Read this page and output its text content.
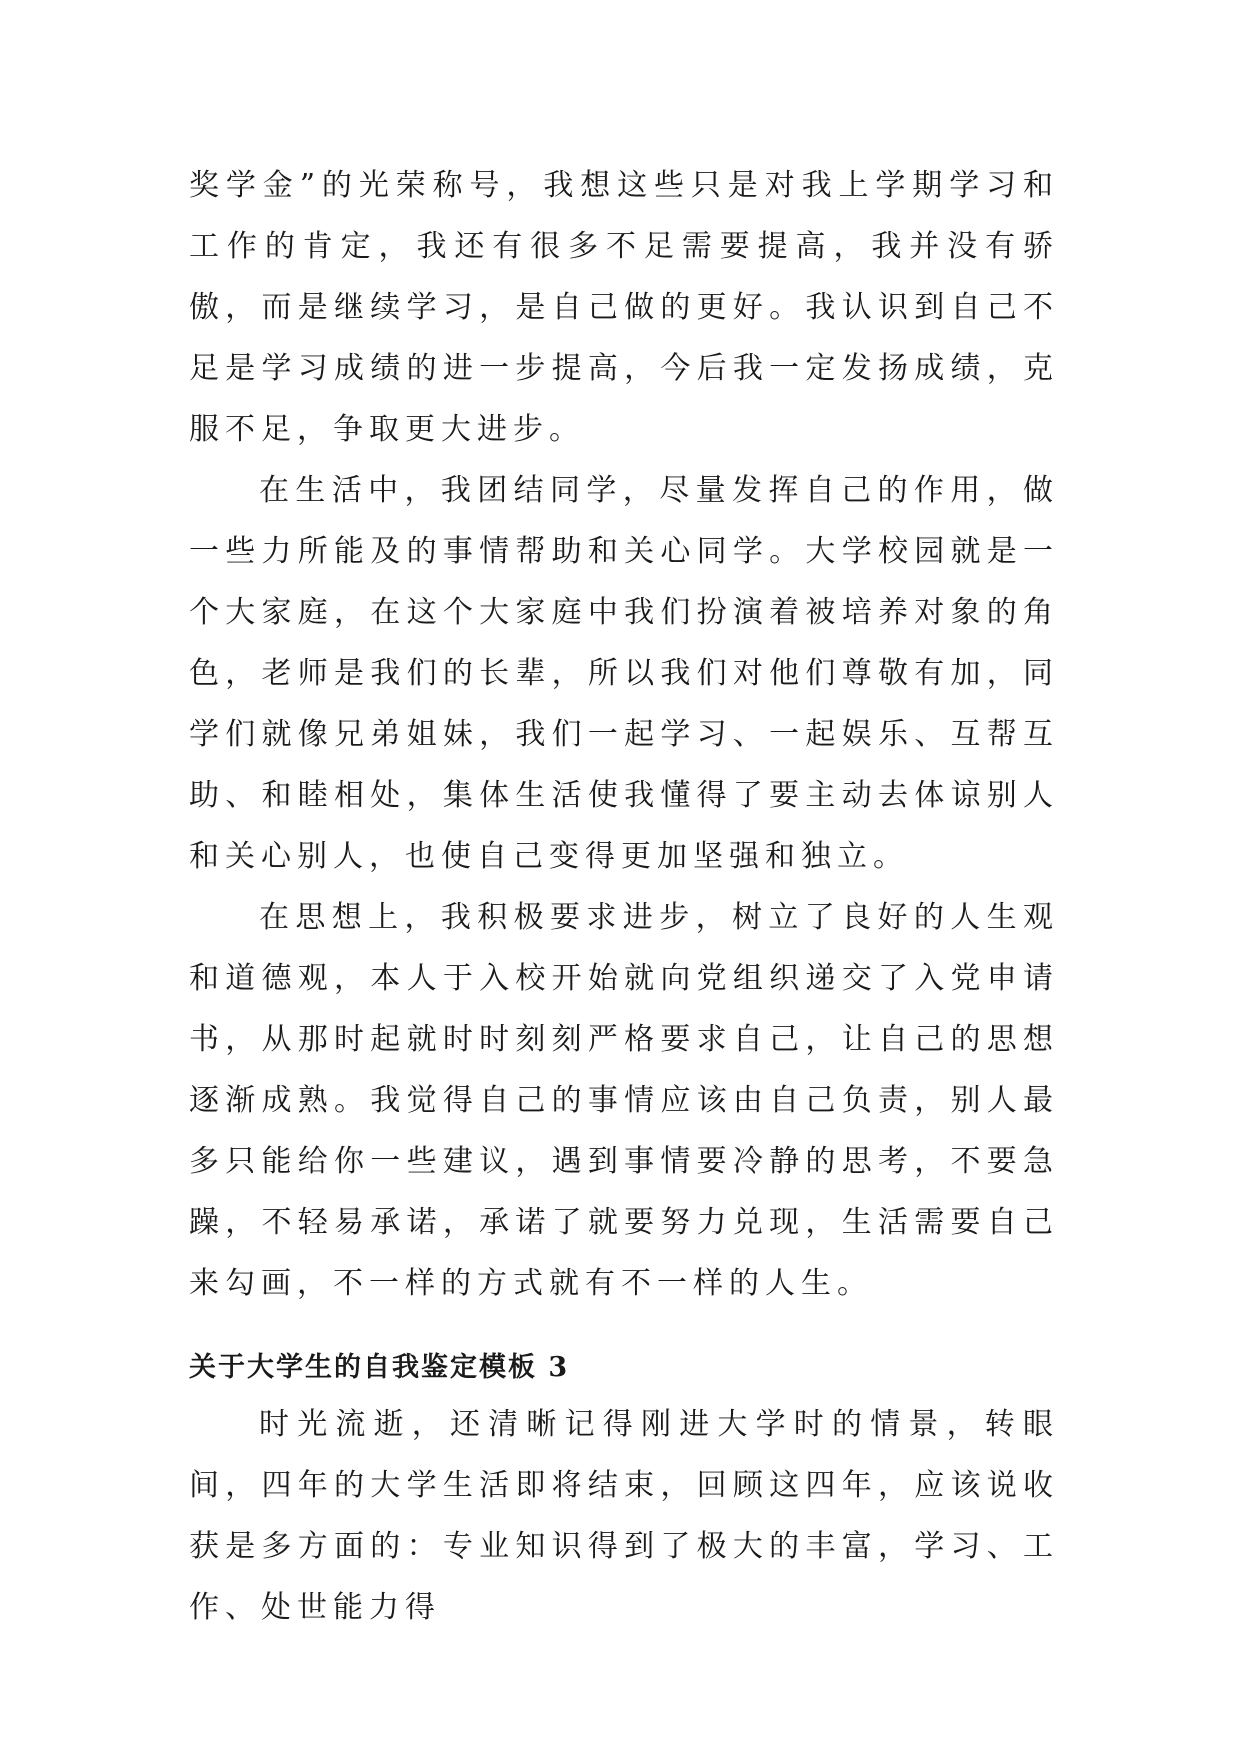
奖学金”的光荣称号，我想这些只是对我上学期学习和工作的肯定，我还有很多不足需要提高，我并没有骄傲，而是继续学习，是自己做的更好。我认识到自己不足是学习成绩的进一步提高，今后我一定发扬成绩，克服不足，争取更大进步。

在生活中，我团结同学，尽量发挥自己的作用，做一些力所能及的事情帮助和关心同学。大学校园就是一个大家庭，在这个大家庭中我们扮演着被培养对象的角色，老师是我们的长辈，所以我们对他们尊敬有加，同学们就像兄弟姐妹，我们一起学习、一起娱乐、互帮互助、和睦相处，集体生活使我懂得了要主动去体谅别人和关心别人，也使自己变得更加坚强和独立。

在思想上，我积极要求进步，树立了良好的人生观和道德观，本人于入校开始就向党组织递交了入党申请书，从那时起就时时刻刻严格要求自己，让自己的思想逐渐成熟。我觉得自己的事情应该由自己负责，别人最多只能给你一些建议，遇到事情要冷静的思考，不要急躁，不轻易承诺，承诺了就要努力兑现，生活需要自己来勾画，不一样的方式就有不一样的人生。

关于大学生的自我鉴定模板 3

时光流逝，还清晰记得刚进大学时的情景，转眼间，四年的大学生活即将结束，回顾这四年，应该说收获是多方面的：专业知识得到了极大的丰富，学习、工作、处世能力得
